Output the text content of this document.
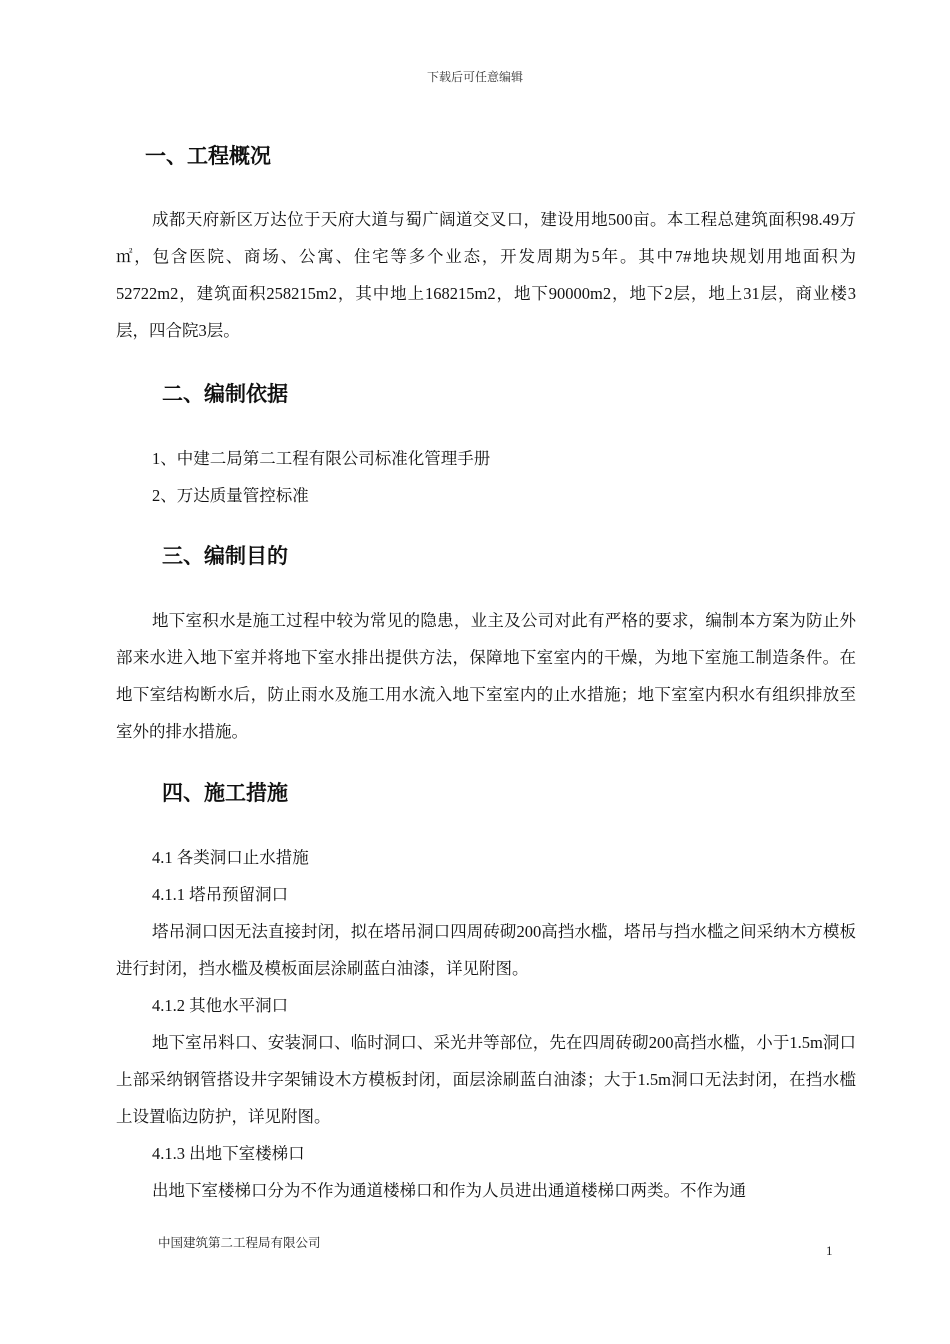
下载后可任意编辑
一、工程概况
成都天府新区万达位于天府大道与蜀广阔道交叉口，建设用地500亩。本工程总建筑面积98.49万㎡，包含医院、商场、公寓、住宅等多个业态，开发周期为5年。其中7#地块规划用地面积为52722m2，建筑面积258215m2，其中地上168215m2，地下90000m2，地下2层，地上31层，商业楼3层，四合院3层。
二、编制依据
1、中建二局第二工程有限公司标准化管理手册
2、万达质量管控标准
三、编制目的
地下室积水是施工过程中较为常见的隐患，业主及公司对此有严格的要求，编制本方案为防止外部来水进入地下室并将地下室水排出提供方法，保障地下室室内的干燥，为地下室施工制造条件。在地下室结构断水后，防止雨水及施工用水流入地下室室内的止水措施；地下室室内积水有组织排放至室外的排水措施。
四、施工措施
4.1 各类洞口止水措施
4.1.1 塔吊预留洞口
塔吊洞口因无法直接封闭，拟在塔吊洞口四周砖砌200高挡水槛，塔吊与挡水槛之间采纳木方模板进行封闭，挡水槛及模板面层涂刷蓝白油漆，详见附图。
4.1.2 其他水平洞口
地下室吊料口、安装洞口、临时洞口、采光井等部位，先在四周砖砌200高挡水槛，小于1.5m洞口上部采纳钢管搭设井字架铺设木方模板封闭，面层涂刷蓝白油漆；大于1.5m洞口无法封闭，在挡水槛上设置临边防护，详见附图。
4.1.3 出地下室楼梯口
出地下室楼梯口分为不作为通道楼梯口和作为人员进出通道楼梯口两类。不作为通
中国建筑第二工程局有限公司
1
